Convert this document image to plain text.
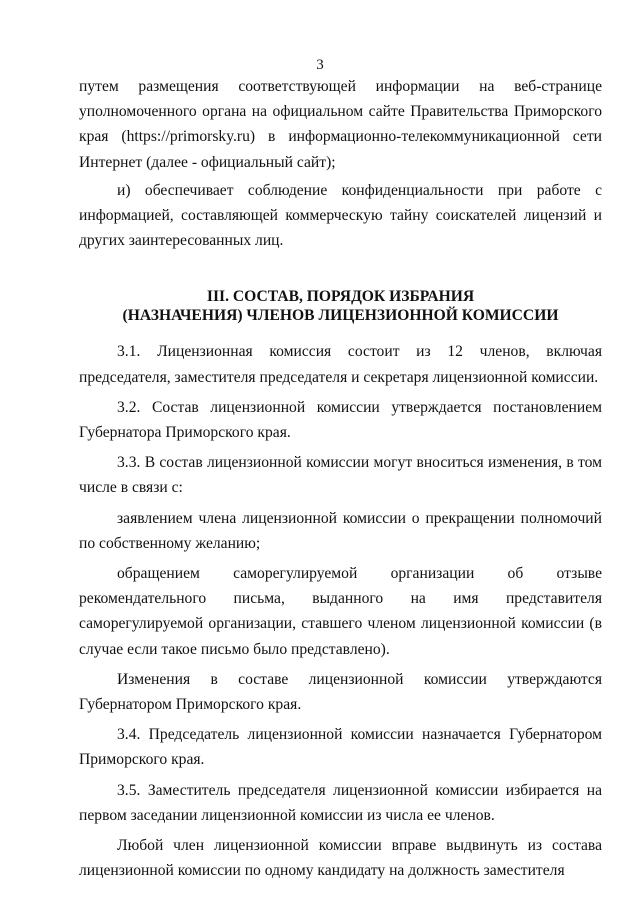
3

путем размещения соответствующей информации на веб-странице уполномоченного органа на официальном сайте Правительства Приморского края (https://primorsky.ru) в информационно-телекоммуникационной сети Интернет (далее - официальный сайт);

и) обеспечивает соблюдение конфиденциальности при работе с информацией, составляющей коммерческую тайну соискателей лицензий и других заинтересованных лиц.

III. СОСТАВ, ПОРЯДОК ИЗБРАНИЯ
(НАЗНАЧЕНИЯ) ЧЛЕНОВ ЛИЦЕНЗИОННОЙ КОМИССИИ

3.1. Лицензионная комиссия состоит из 12 членов, включая председателя, заместителя председателя и секретаря лицензионной комиссии.

3.2. Состав лицензионной комиссии утверждается постановлением Губернатора Приморского края.

3.3. В состав лицензионной комиссии могут вноситься изменения, в том числе в связи с:

заявлением члена лицензионной комиссии о прекращении полномочий по собственному желанию;

обращением саморегулируемой организации об отзыве рекомендательного письма, выданного на имя представителя саморегулируемой организации, ставшего членом лицензионной комиссии (в случае если такое письмо было представлено).

Изменения в составе лицензионной комиссии утверждаются Губернатором Приморского края.

3.4. Председатель лицензионной комиссии назначается Губернатором Приморского края.

3.5. Заместитель председателя лицензионной комиссии избирается на первом заседании лицензионной комиссии из числа ее членов.

Любой член лицензионной комиссии вправе выдвинуть из состава лицензионной комиссии по одному кандидату на должность заместителя
